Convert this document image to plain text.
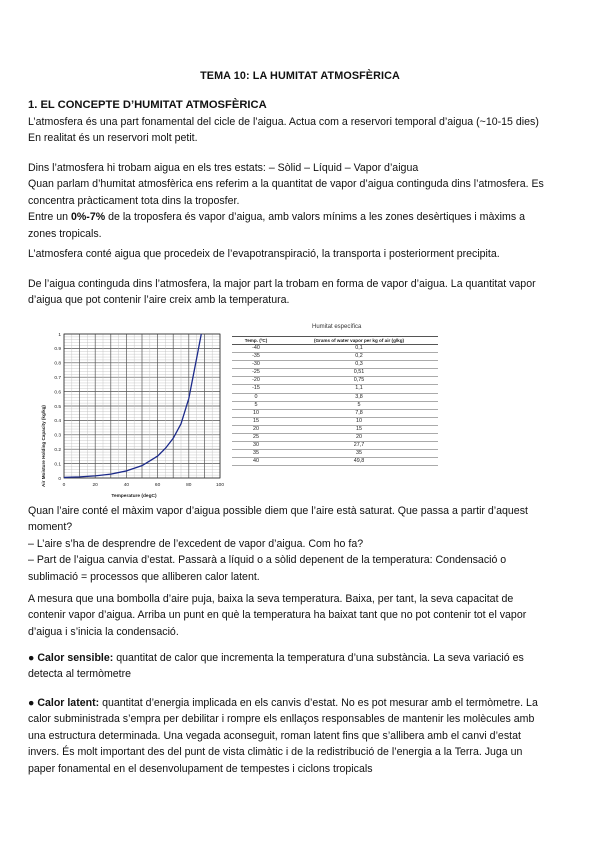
TEMA 10: LA HUMITAT ATMOSFÈRICA
1. EL CONCEPTE D’HUMITAT ATMOSFÈRICA
L’atmosfera és una part fonamental del cicle de l’aigua. Actua com a reservori temporal d’aigua (~10-15 dies)
En realitat és un reservori molt petit.
Dins l’atmosfera hi trobam aigua en els tres estats: – Sòlid – Líquid – Vapor d’aigua
Quan parlam d’humitat atmosfèrica ens referim a la quantitat de vapor d’aigua continguda dins l’atmosfera. Es
concentra pràcticament tota dins la troposfer.
Entre un 0%-7% de la troposfera és vapor d’aigua, amb valors mínims a les zones desèrtiques i màxims a
zones tropicals.
L’atmosfera conté aigua que procedeix de l’evapotranspiració, la transporta i posteriorment precipita.
De l’aigua continguda dins l’atmosfera, la major part la trobam en forma de vapor d’aigua. La quantitat vapor
d’aigua que pot contenir l’aire creix amb la temperatura.
0
0.1
0.2
0.3
0.4
0.5
0.6
0.7
0.8
0.9
1
0	20	40	60	80	100
Air Moisture Holding Capacity (kg/kg)
Temperature (degC)
Humitat específica
Temp. (ºC)	(Grams of water vapor per kg of air (g/kg)
-40	0,1
-35	0,2
-30	0,3
-25	0,51
-20	0,75
-15	1,1
0	3,8
5	5
10	7,8
15	10
20	15
25	20
30	27,7
35	35
40	49,8
Quan l’aire conté el màxim vapor d’aigua possible diem que l’aire està saturat. Que passa a partir d’aquest
moment?
– L’aire s’ha de desprendre de l’excedent de vapor d’aigua. Com ho fa?
– Part de l’aigua canvia d’estat. Passarà a líquid o a sòlid depenent de la temperatura: Condensació o
sublimació = processos que alliberen calor latent.
A mesura que una bombolla d’aire puja, baixa la seva temperatura. Baixa, per tant, la seva capacitat de
contenir vapor d’aigua. Arriba un punt en què la temperatura ha baixat tant que no pot contenir tot el vapor
d’aigua i s’inicia la condensació.
● Calor sensible: quantitat de calor que incrementa la temperatura d’una substància. La seva variació es
detecta al termòmetre
● Calor latent: quantitat d’energia implicada en els canvis d’estat. No es pot mesurar amb el termòmetre. La
calor subministrada s’empra per debilitar i rompre els enllaços responsables de mantenir les molècules amb
una estructura determinada. Una vegada aconseguit, roman latent fins que s’allibera amb el canvi d’estat
invers. És molt important des del punt de vista climàtic i de la redistribució de l’energia a la Terra. Juga un
paper fonamental en el desenvolupament de tempestes i ciclons tropicals
